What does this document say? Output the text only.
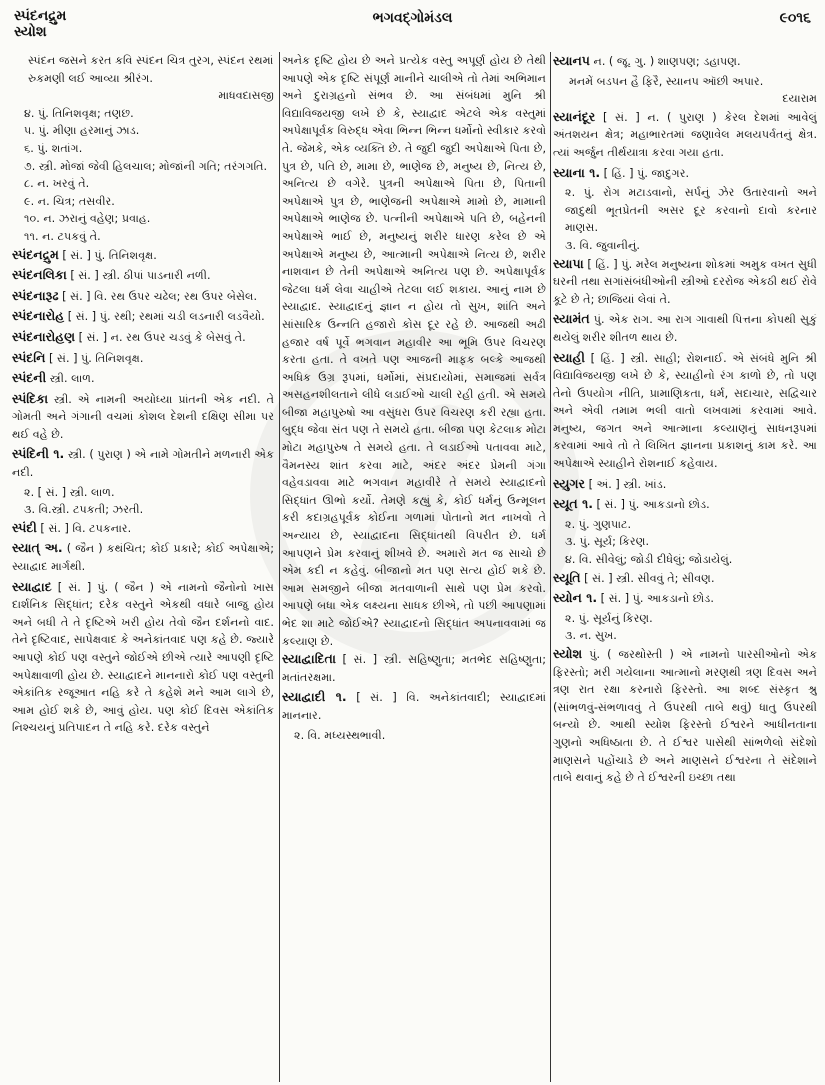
સ્પંદનદ્રુમ
સ્યોશ
ભગવદ્ગોમંડલ	૯૦૧૬

સ્પંદન જસને કરત કવિ સ્પંદન ચિત્ર તુરગ, સ્પંદન રથમાં રુકમણી લઈ આવ્યા શ્રીરંગ.

માધવદાસજી

૪. પું. તિનિશવૃક્ષ; તણછ.

૫. પું. મીણા હરમાનું ઝાડ.

૬. પું. શતાંગ.

૭. સ્ત્રી. મોજાં જેવી હિલચાલ; મોજાંની ગતિ; તરંગગતિ.

૮. ન. ખરવું તે.

૯. ન. ચિત્ર; તસવીર.

૧૦. ન. ઝરાનું વહેણ; પ્રવાહ.

૧૧. ન. ટપકવું તે.

સ્પંદનદ્રુમ [ સં. ] પું. તિનિશવૃક્ષ.

સ્પંદનલિકા [ સં. ] સ્ત્રી. ઠીપાં પાડનારી નળી.

સ્પંદનારૂઢ [ સં. ] વિ. રથ ઉપર ચઢેલ; રથ ઉપર બેસેલ.

સ્પંદનારોહ [ સં. ] પું. રથી; રથમાં ચડી લડનારી લડવૈયો.

સ્પંદનારોહણ [ સં. ] ન. રથ ઉપર ચડવું કે બેસવું તે.

સ્પંદનિ [ સં. ] પું. તિનિશવૃક્ષ.

સ્પંદની સ્ત્રી. લાળ.

સ્પંદિકા સ્ત્રી. એ નામની અયોધ્યા પ્રાંતની એક નદી. તે ગોમતી અને ગંગાની વચમાં કોશલ દેશની દક્ષિણ સીમા પર થઈ વહે છે.

સ્પંદિની ૧. સ્ત્રી. ( પુરાણ ) એ નામે ગોમતીને મળનારી એક નદી.

૨. [ સં. ] સ્ત્રી. લાળ.

૩. વિ.સ્ત્રી. ટપકતી; ઝરતી.

સ્પંદી [ સં. ] વિ. ટપકનાર.

સ્યાત્ અ. ( જૈન ) કથંચિત; કોઈ પ્રકારે; કોઈ અપેક્ષાએ; સ્યાદ્વાદ માર્ગથી.

સ્યાદ્વાદ [ સં. ] પું. ( જૈન ) એ નામનો જૈનોનો ખાસ દાર્શનિક સિદ્ધાંત; દરેક વસ્તુને એકથી વધારે બાજુ હોય અને બધી તે તે દૃષ્ટિએ ખરી હોય તેવો જૈન દર્શનનો વાદ. તેને દૃષ્ટિવાદ, સાપેક્ષવાદ કે અનેકાંતવાદ પણ કહે છે. જ્યારે આપણે કોઈ પણ વસ્તુને જોઈએ છીએ ત્યારે આપણી દૃષ્ટિ અપેક્ષાવાળી હોય છે. સ્યાદ્વાદને માનનારો કોઈ પણ વસ્તુની એકાંતિક રજૂઆત નહિ કરે તે કહેશે મને આમ લાગે છે, આમ હોઈ શકે છે, આવું હોય. પણ કોઈ દિવસ એકાંતિક નિશ્ચયનું પ્રતિપાદન તે નહિ કરે. દરેક વસ્તુને

અનેક દૃષ્ટિ હોય છે અને પ્રત્યેક વસ્તુ અપૂર્ણ હોય છે તેથી આપણે એક દૃષ્ટિ સંપૂર્ણ માનીને ચાલીએ તો તેમાં અભિમાન અને દુરાગ્રહનો સંભવ છે. આ સંબંધમાં મુનિ શ્રી વિદ્યાવિજયજી લખે છે કે, સ્યાદ્વાદ એટલે એક વસ્તુમાં અપેક્ષાપૂર્વક વિરુદ્ધ એવા ભિન્ન ભિન્ન ધર્મોનો સ્વીકાર કરવો તે. જેમકે, એક વ્યક્તિ છે. તે જુદી જુદી અપેક્ષાએ પિતા છે, પુત્ર છે, પતિ છે, મામા છે, ભાણેજ છે, મનુષ્ય છે, નિત્ય છે, અનિત્ય છે વગેરે. પુત્રની અપેક્ષાએ પિતા છે, પિતાની અપેક્ષાએ પુત્ર છે, ભાણેજની અપેક્ષાએ મામો છે, મામાની અપેક્ષાએ ભાણેજ છે. પત્નીની અપેક્ષાએ પતિ છે, બહેનની અપેક્ષાએ ભાઈ છે, મનુષ્યનું શરીર ધારણ કરેલ છે એ અપેક્ષાએ મનુષ્ય છે, આત્માની અપેક્ષાએ નિત્ય છે, શરીર નાશવાન છે તેની અપેક્ષાએ અનિત્ય પણ છે. અપેક્ષાપૂર્વક જેટલા ધર્મ લેવા ચાહીએ તેટલા લઈ શકાય. આનું નામ છે સ્યાદ્વાદ. સ્યાદ્વાદનું જ્ઞાન ન હોય તો સુખ, શાંતિ અને સાંસારિક ઉન્નતિ હજારો કોસ દૂર રહે છે. આજથી અઢી હજાર વર્ષ પૂર્વે ભગવાન મહાવીર આ ભૂમિ ઉપર વિચરણ કરતા હતા. તે વખતે પણ આજની માફક બલ્કે આજથી અધિક ઉગ્ર રૂપમાં, ધર્મોમાં, સંપ્રદાયોમાં, સમાજમાં સર્વત્ર અસહનશીલતાને લીધે લડાઈઓ ચાલી રહી હતી. એ સમયે બીજા મહાપુરુષો આ વસુંધરા ઉપર વિચરણ કરી રહ્યા હતા. બુદ્ધ જેવા સંત પણ તે સમયે હતા. બીજા પણ કેટલાક મોટા મોટા મહાપુરુષ તે સમયે હતા. તે લડાઈઓ પતાવવા માટે, વૈમનસ્ય શાંત કરવા માટે, અંદર અંદર પ્રેમની ગંગા વહેવડાવવા માટે ભગવાન મહાવીરે તે સમયે સ્યાદ્વાદનો સિદ્ધાંત ઊભો કર્યો. તેમણે કહ્યું કે, કોઈ ધર્મનું ઉન્મૂલન કરી કદાગ્રહપૂર્વક કોઈના ગળામાં પોતાનો મત નાખવો તે અન્યાય છે, સ્યાદ્વાદના સિદ્ધાંતથી વિપરીત છે. ધર્મ આપણને પ્રેમ કરવાનું શીખવે છે. અમારો મત જ સાચો છે એમ કદી ન કહેવું. બીજાનો મત પણ સત્ય હોઈ શકે છે. આમ સમજીને બીજા મતવાળાની સાથે પણ પ્રેમ કરવો. આપણે બધા એક લક્ષ્યના સાધક છીએ, તો પછી આપણામાં ભેદ શા માટે જોઈએ? સ્યાદ્વાદનો સિદ્ધાંત અપનાવવામાં જ કલ્યાણ છે.

સ્યાદ્વાદિતા [ સં. ] સ્ત્રી. સહિષ્ણુતા; મતભેદ સહિષ્ણુતા; મતાંતરક્ષમા.

સ્યાદ્વાદી ૧. [ સં. ] વિ. અનેકાંતવાદી; સ્યાદ્વાદમાં માનનાર.

૨. વિ. મધ્યસ્થભાવી.

સ્યાનપ ન. ( જૂ. ગુ. ) શાણપણ; ડહાપણ.

મનમેં બડપન હૈ ફિરૈ, સ્યાનપ ઑછી અપાર.

દયારામ

સ્યાનંદૂર [ સં. ] ન. ( પુરાણ ) કેરલ દેશમાં આવેલું અંતશયન ક્ષેત્ર; મહાભારતમાં જણાવેલ મલયપર્વતનું ક્ષેત્ર. ત્યાં અર્જુન તીર્થયાત્રા કરવા ગયા હતા.

સ્યાના ૧. [ હિં. ] પું. જાદુગર.

૨. પું. રોગ મટાડવાનો, સર્પનું ઝેર ઉતારવાનો અને જાદુથી ભૂતપ્રેતની અસર દૂર કરવાનો દાવો કરનાર માણસ.

૩. વિ. જુવાનીનું.

સ્યાપા [ હિં. ] પું. મરેલ મનુષ્યના શોકમાં અમુક વખત સુધી ઘરની તથા સગાંસંબંધીઓની સ્ત્રીઓ દરરોજ એકઠી થઈ રોવે કૂટે છે તે; છાજિયાં લેવાં તે.

સ્યામંત પું. એક રાગ. આ રાગ ગાવાથી પિત્તના કોપથી સુકું થયેલું શરીર શીતળ થાય છે.

સ્યાહી [ હિં. ] સ્ત્રી. સાહી; રોશનાઈ. એ સંબંધે મુનિ શ્રી વિદ્યાવિજયજી લખે છે કે, સ્યાહીનો રંગ કાળો છે, તો પણ તેનો ઉપયોગ નીતિ, પ્રામાણિકતા, ધર્મ, સદાચાર, સદ્વિચાર અને એવી તમામ ભલી વાતો લખવામાં કરવામાં આવે. મનુષ્ય, જગત અને આત્માના કલ્યાણનું સાધનરૂપમાં કરવામાં આવે તો તે લિખિત જ્ઞાનના પ્રકાશનું કામ કરે. આ અપેક્ષાએ સ્યાહીને રોશનાઈ કહેવાય.

સ્યુગર [ અં. ] સ્ત્રી. ખાંડ.

સ્યૂત ૧. [ સં. ] પું. આકડાનો છોડ.

૨. પું. ગુણપાટ.

૩. પું. સૂર્ય; કિરણ.

૪. વિ. સીવેલું; જોડી દીધેલું; જોડાયેલું.

સ્યૂતિ [ સં. ] સ્ત્રી. સીવવું તે; સીવણ.

સ્યોન ૧. [ સં. ] પું. આકડાનો છોડ.

૨. પું. સૂર્યનું કિરણ.

૩. ન. સુખ.

સ્યોશ પું. ( જરથોસ્તી ) એ નામનો પારસીઓનો એક ફિરસ્તો; મરી ગયેલાના આત્માનો મરણથી ત્રણ દિવસ અને ત્રણ રાત રક્ષા કરનારો ફિરસ્તો. આ શબ્દ સંસ્કૃત શ્રુ (સાંભળવું-સંભળાવવું તે ઉપરથી તાબે થવું) ધાતુ ઉપરથી બન્યો છે. આથી સ્યોશ ફિરસ્તો ઈશ્વરને આધીનતાના ગુણનો અધિષ્ઠાતા છે. તે ઈશ્વર પાસેથી સાંભળેલો સંદેશો માણસને પહોંચાડે છે અને માણસને ઈશ્વરના તે સંદેશાને તાબે થવાનું કહે છે તે ઈશ્વરની ઇચ્છા તથા
